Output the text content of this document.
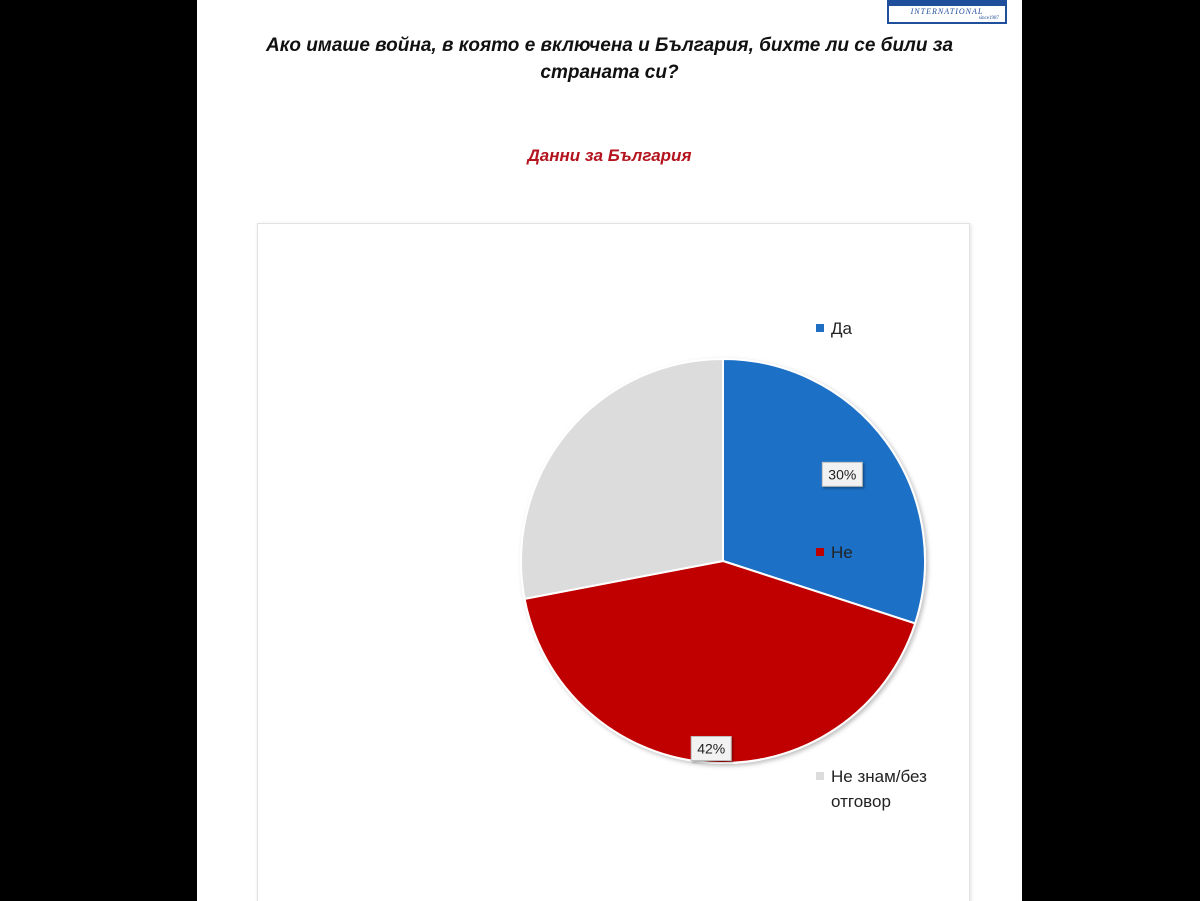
INTERNATIONAL
since1987
Ако имаше война, в която е включена и България, бихте ли се били за страната си?
Данни за България
30%
42%
Да
Не
Не знам/без отговор
